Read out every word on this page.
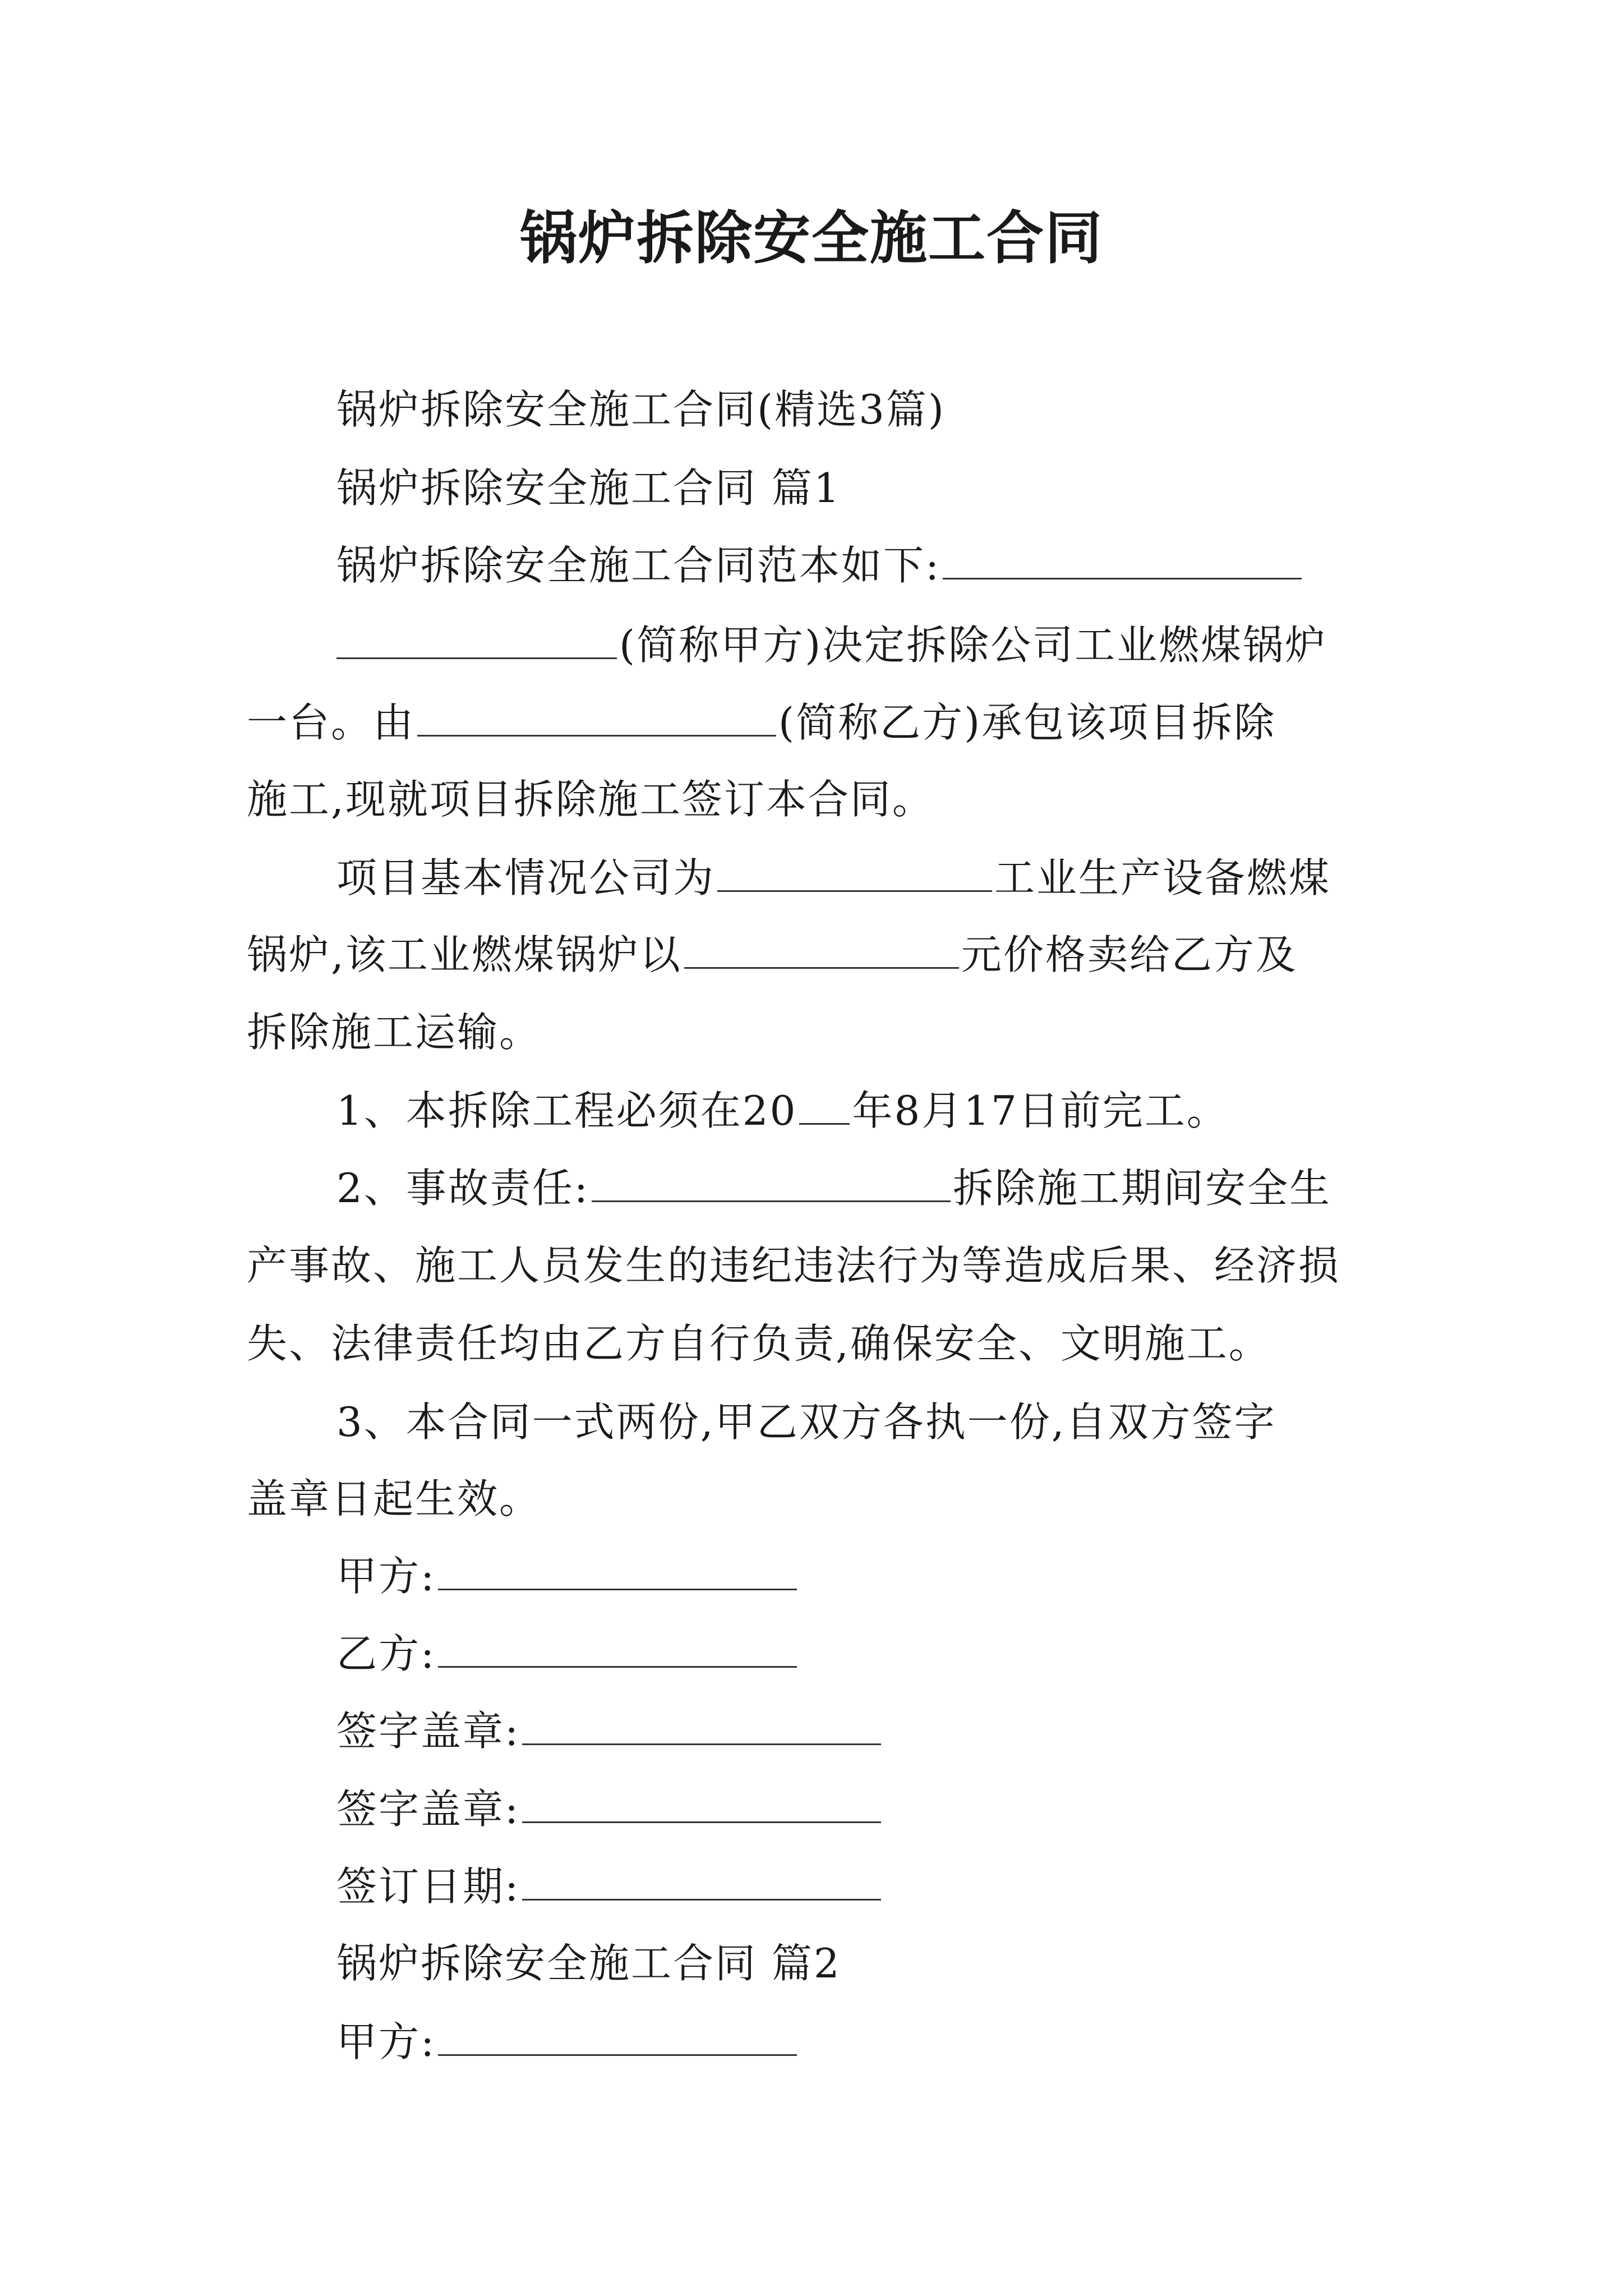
锅炉拆除安全施工合同
锅炉拆除安全施工合同(精选3篇)
锅炉拆除安全施工合同 篇1
锅炉拆除安全施工合同范本如下:
(简称甲方)决定拆除公司工业燃煤锅炉
一台。由	(简称乙方)承包该项目拆除
施工,现就项目拆除施工签订本合同。
项目基本情况公司为	工业生产设备燃煤
锅炉,该工业燃煤锅炉以	元价格卖给乙方及
拆除施工运输。
1、本拆除工程必须在20 年8月17日前完工。
2、事故责任:	拆除施工期间安全生
产事故、施工人员发生的违纪违法行为等造成后果、经济损
失、法律责任均由乙方自行负责,确保安全、文明施工。
3、本合同一式两份,甲乙双方各执一份,自双方签字
盖章日起生效。
甲方:
乙方:
签字盖章:
签字盖章:
签订日期:
锅炉拆除安全施工合同 篇2
甲方:
